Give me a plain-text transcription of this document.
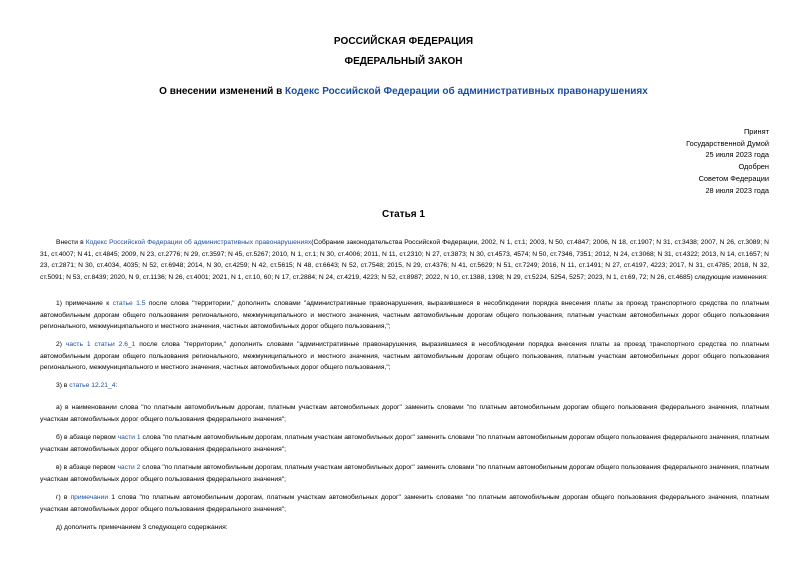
РОССИЙСКАЯ ФЕДЕРАЦИЯ
ФЕДЕРАЛЬНЫЙ ЗАКОН
О внесении изменений в Кодекс Российской Федерации об административных правонарушениях
Принят
Государственной Думой
25 июля 2023 года
Одобрен
Советом Федерации
28 июля 2023 года
Статья 1
Внести в Кодекс Российской Федерации об административных правонарушениях(Собрание законодательства Российской Федерации, 2002, N 1, ст.1; 2003, N 50, ст.4847; 2006, N 18, ст.1907; N 31, ст.3438; 2007, N 26, ст.3089; N 31, ст.4007; N 41, ст.4845; 2009, N 23, ст.2776; N 29, ст.3597; N 45, ст.5267; 2010, N 1, ст.1; N 30, ст.4006; 2011, N 11, ст.2310; N 27, ст.3873; N 30, ст.4573, 4574; N 50, ст.7346, 7351; 2012, N 24, ст.3068; N 31, ст.4322; 2013, N 14, ст.1657; N 23, ст.2871; N 30, ст.4034, 4035; N 52, ст.6948; 2014, N 30, ст.4259; N 42, ст.5615; N 48, ст.6643; N 52, ст.7548; 2015, N 29, ст.4376; N 41, ст.5629; N 51, ст.7249; 2016, N 11, ст.1491; N 27, ст.4197, 4223; 2017, N 31, ст.4785; 2018, N 32, ст.5091; N 53, ст.8439; 2020, N 9, ст.1136; N 26, ст.4001; 2021, N 1, ст.10, 60; N 17, ст.2884; N 24, ст.4219, 4223; N 52, ст.8987; 2022, N 10, ст.1388, 1398; N 29, ст.5224, 5254, 5257; 2023, N 1, ст.69, 72; N 26, ст.4685) следующие изменения:
1) примечание к статье 1.5 после слова "территории," дополнить словами "административные правонарушения, выразившиеся в несоблюдении порядка внесения платы за проезд транспортного средства по платным автомобильным дорогам общего пользования регионального, межмуниципального и местного значения, частным автомобильным дорогам общего пользования, платным участкам автомобильных дорог общего пользования регионального, межмуниципального и местного значения, частных автомобильных дорог общего пользования,";
2) часть 1 статьи 2.6_1 после слова "территории," дополнить словами "административные правонарушения, выразившиеся в несоблюдении порядка внесения платы за проезд транспортного средства по платным автомобильным дорогам общего пользования регионального, межмуниципального и местного значения, частным автомобильным дорогам общего пользования, платным участкам автомобильных дорог общего пользования регионального, межмуниципального и местного значения, частных автомобильных дорог общего пользования,";
3) в статье 12.21_4:
а) в наименовании слова "по платным автомобильным дорогам, платным участкам автомобильных дорог" заменить словами "по платным автомобильным дорогам общего пользования федерального значения, платным участкам автомобильных дорог общего пользования федерального значения";
б) в абзаце первом части 1 слова "по платным автомобильным дорогам, платным участкам автомобильных дорог" заменить словами "по платным автомобильным дорогам общего пользования федерального значения, платным участкам автомобильных дорог общего пользования федерального значения";
в) в абзаце первом части 2 слова "по платным автомобильным дорогам, платным участкам автомобильных дорог" заменить словами "по платным автомобильным дорогам общего пользования федерального значения, платным участкам автомобильных дорог общего пользования федерального значения";
г) в примечании 1 слова "по платным автомобильным дорогам, платным участкам автомобильных дорог" заменить словами "по платным автомобильным дорогам общего пользования федерального значения, платным участкам автомобильных дорог общего пользования федерального значения";
д) дополнить примечанием 3 следующего содержания:
